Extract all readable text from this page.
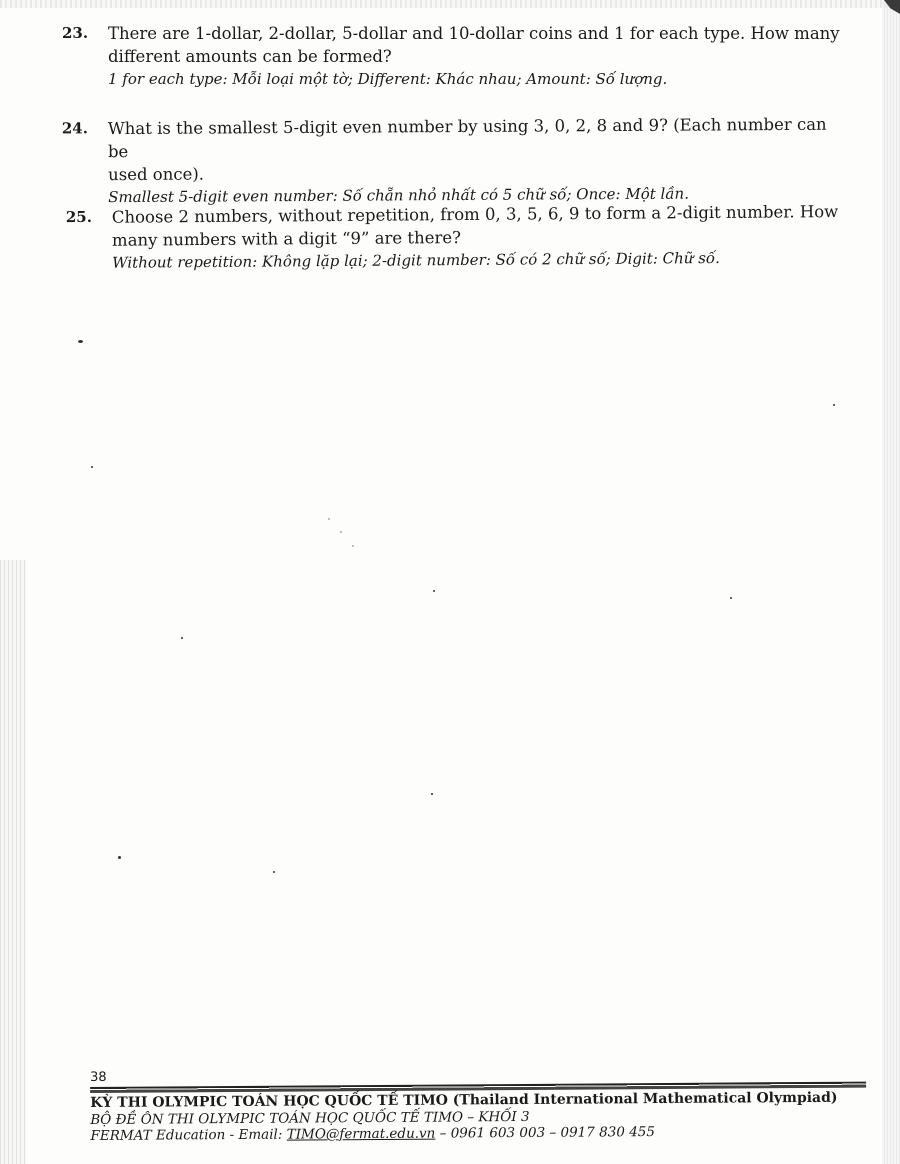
23. There are 1-dollar, 2-dollar, 5-dollar and 10-dollar coins and 1 for each type. How many
different amounts can be formed?
1 for each type: Mỗi loại một tờ; Different: Khác nhau; Amount: Số lượng.
24. What is the smallest 5-digit even number by using 3, 0, 2, 8 and 9? (Each number can be
used once).
Smallest 5-digit even number: Số chẵn nhỏ nhất có 5 chữ số; Once: Một lần.
25. Choose 2 numbers, without repetition, from 0, 3, 5, 6, 9 to form a 2-digit number. How
many numbers with a digit “9” are there?
Without repetition: Không lặp lại; 2-digit number: Số có 2 chữ số; Digit: Chữ số.
38
KỲ THI OLYMPIC TOÁN HỌC QUỐC TẾ TIMO (Thailand International Mathematical Olympiad)
BỘ ĐỀ ÔN THI OLYMPIC TOÁN HỌC QUỐC TẾ TIMO – KHỐI 3
FERMAT Education - Email: TIMO@fermat.edu.vn – 0961 603 003 – 0917 830 455
